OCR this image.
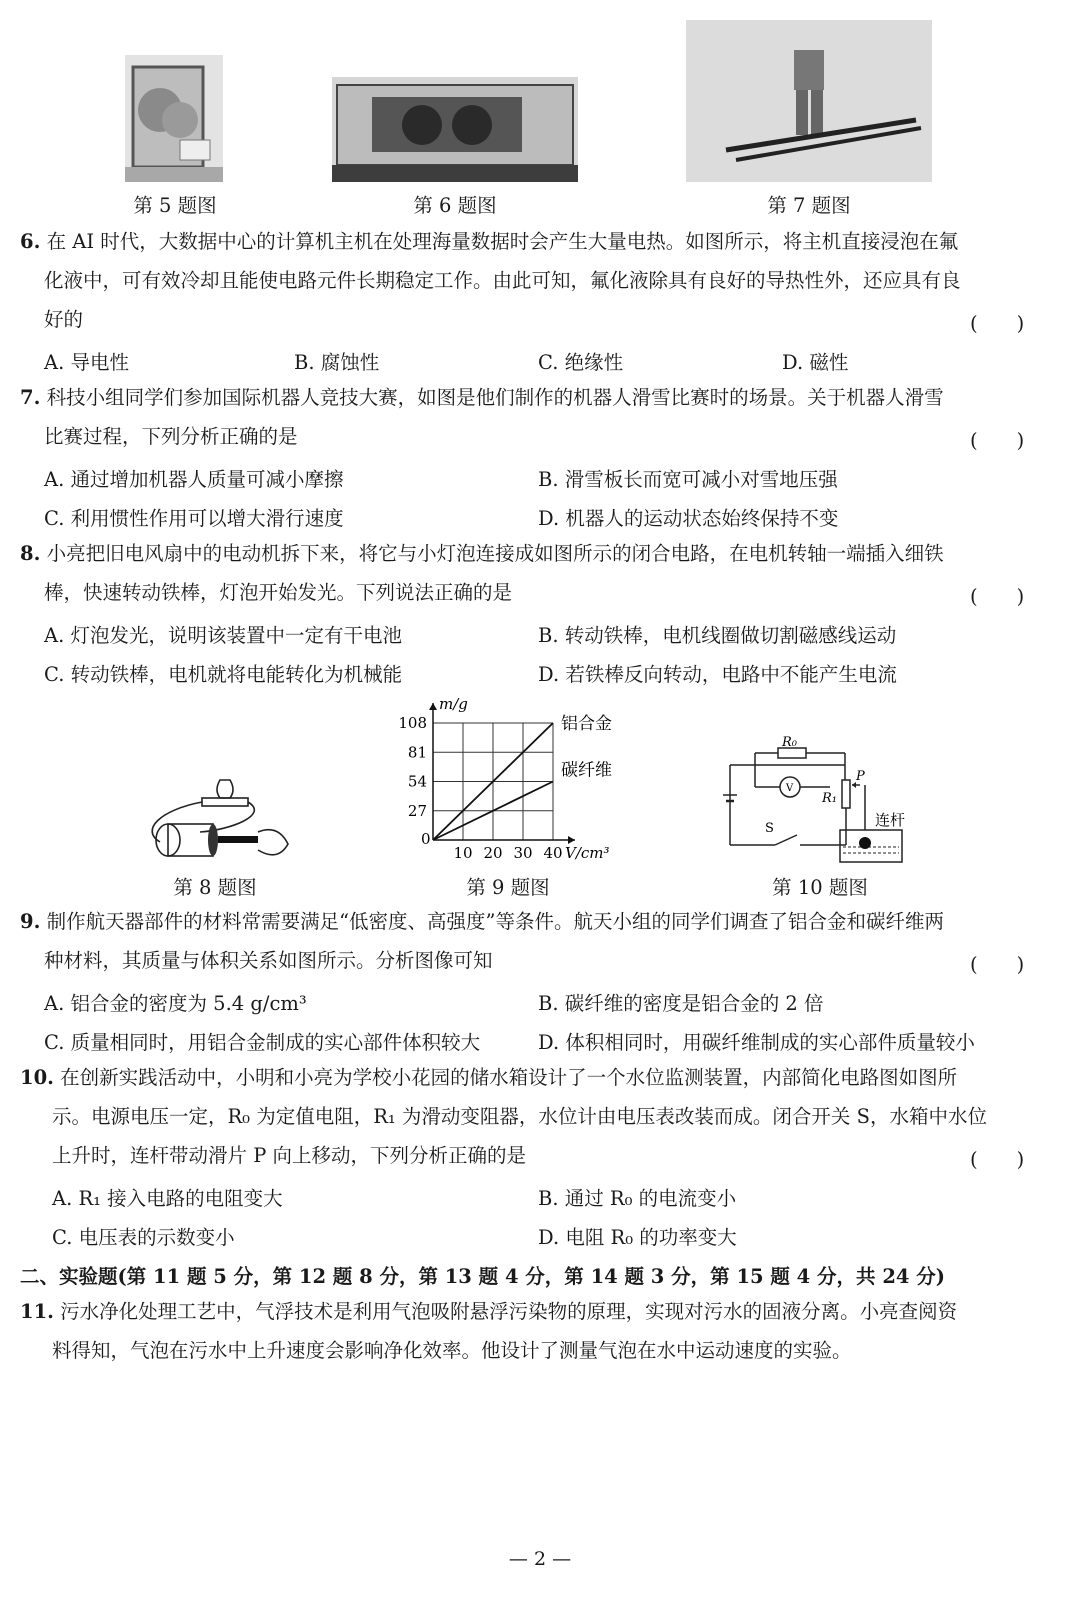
第 5 题图	第 6 题图	第 7 题图
6. 在 AI 时代，大数据中心的计算机主机在处理海量数据时会产生大量电热。如图所示，将主机直接浸泡在氟
化液中，可有效冷却且能使电路元件长期稳定工作。由此可知，氟化液除具有良好的导热性外，还应具有良
好的	(　　)
A. 导电性	B. 腐蚀性	C. 绝缘性	D. 磁性
7. 科技小组同学们参加国际机器人竞技大赛，如图是他们制作的机器人滑雪比赛时的场景。关于机器人滑雪
比赛过程，下列分析正确的是	(　　)
A. 通过增加机器人质量可减小摩擦	B. 滑雪板长而宽可减小对雪地压强
C. 利用惯性作用可以增大滑行速度	D. 机器人的运动状态始终保持不变
8. 小亮把旧电风扇中的电动机拆下来，将它与小灯泡连接成如图所示的闭合电路，在电机转轴一端插入细铁
棒，快速转动铁棒，灯泡开始发光。下列说法正确的是	(　　)
A. 灯泡发光，说明该装置中一定有干电池	B. 转动铁棒，电机线圈做切割磁感线运动
C. 转动铁棒，电机就将电能转化为机械能	D. 若铁棒反向转动，电路中不能产生电流
10 20 30 40
27
54
81
108
0
V/cm³
m/g
铝合金
碳纤维
R₀
V
P
R₁
S	连杆
第 8 题图	第 9 题图	第 10 题图
9. 制作航天器部件的材料常需要满足“低密度、高强度”等条件。航天小组的同学们调查了铝合金和碳纤维两
种材料，其质量与体积关系如图所示。分析图像可知	(　　)
A. 铝合金的密度为 5.4 g/cm³	B. 碳纤维的密度是铝合金的 2 倍
C. 质量相同时，用铝合金制成的实心部件体积较大	D. 体积相同时，用碳纤维制成的实心部件质量较小
10. 在创新实践活动中，小明和小亮为学校小花园的储水箱设计了一个水位监测装置，内部简化电路图如图所
示。电源电压一定，R₀ 为定值电阻，R₁ 为滑动变阻器，水位计由电压表改装而成。闭合开关 S，水箱中水位
上升时，连杆带动滑片 P 向上移动，下列分析正确的是	(　　)
A. R₁ 接入电路的电阻变大	B. 通过 R₀ 的电流变小
C. 电压表的示数变小	D. 电阻 R₀ 的功率变大
二、实验题(第 11 题 5 分，第 12 题 8 分，第 13 题 4 分，第 14 题 3 分，第 15 题 4 分，共 24 分)
11. 污水净化处理工艺中，气浮技术是利用气泡吸附悬浮污染物的原理，实现对污水的固液分离。小亮查阅资
料得知，气泡在污水中上升速度会影响净化效率。他设计了测量气泡在水中运动速度的实验。
— 2 —
